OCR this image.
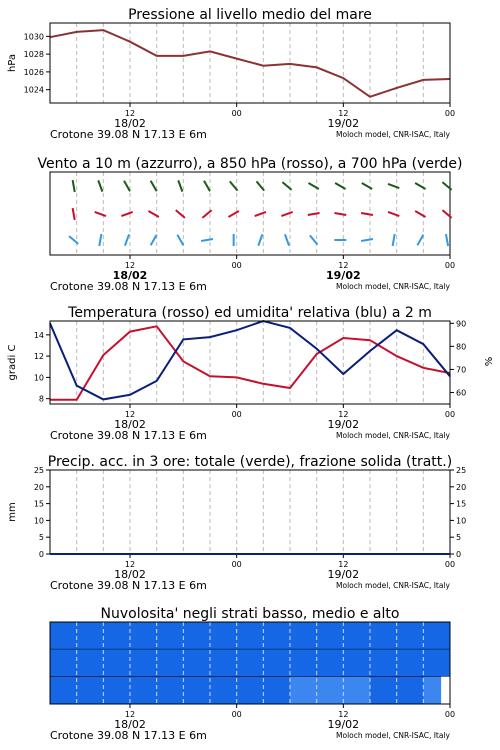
12	00	12	00
18/02	19/02
Crotone 39.08 N 17.13 E 6m	Moloch model, CNR-ISAC, Italy
1024
1026
1028
1030
hPa
Pressione al livello medio del mare
12	00	12	00
18/02	19/02
Crotone 39.08 N 17.13 E 6m	Moloch model, CNR-ISAC, Italy
Vento a 10 m (azzurro), a 850 hPa (rosso), a 700 hPa (verde)
12	00	12	00
18/02	19/02
Crotone 39.08 N 17.13 E 6m	Moloch model, CNR-ISAC, Italy
8
10
12
14
60
70
80
90
gradi C	%
Temperatura (rosso) ed umidita' relativa (blu) a 2 m
12	00	12	00
18/02	19/02
Crotone 39.08 N 17.13 E 6m	Moloch model, CNR-ISAC, Italy
0
5
10
15
20
25
0
5
10
15
20
25
mm
Precip. acc. in 3 ore: totale (verde), frazione solida (tratt.)
12	00	12	00
18/02	19/02
Crotone 39.08 N 17.13 E 6m	Moloch model, CNR-ISAC, Italy
Nuvolosita' negli strati basso, medio e alto
